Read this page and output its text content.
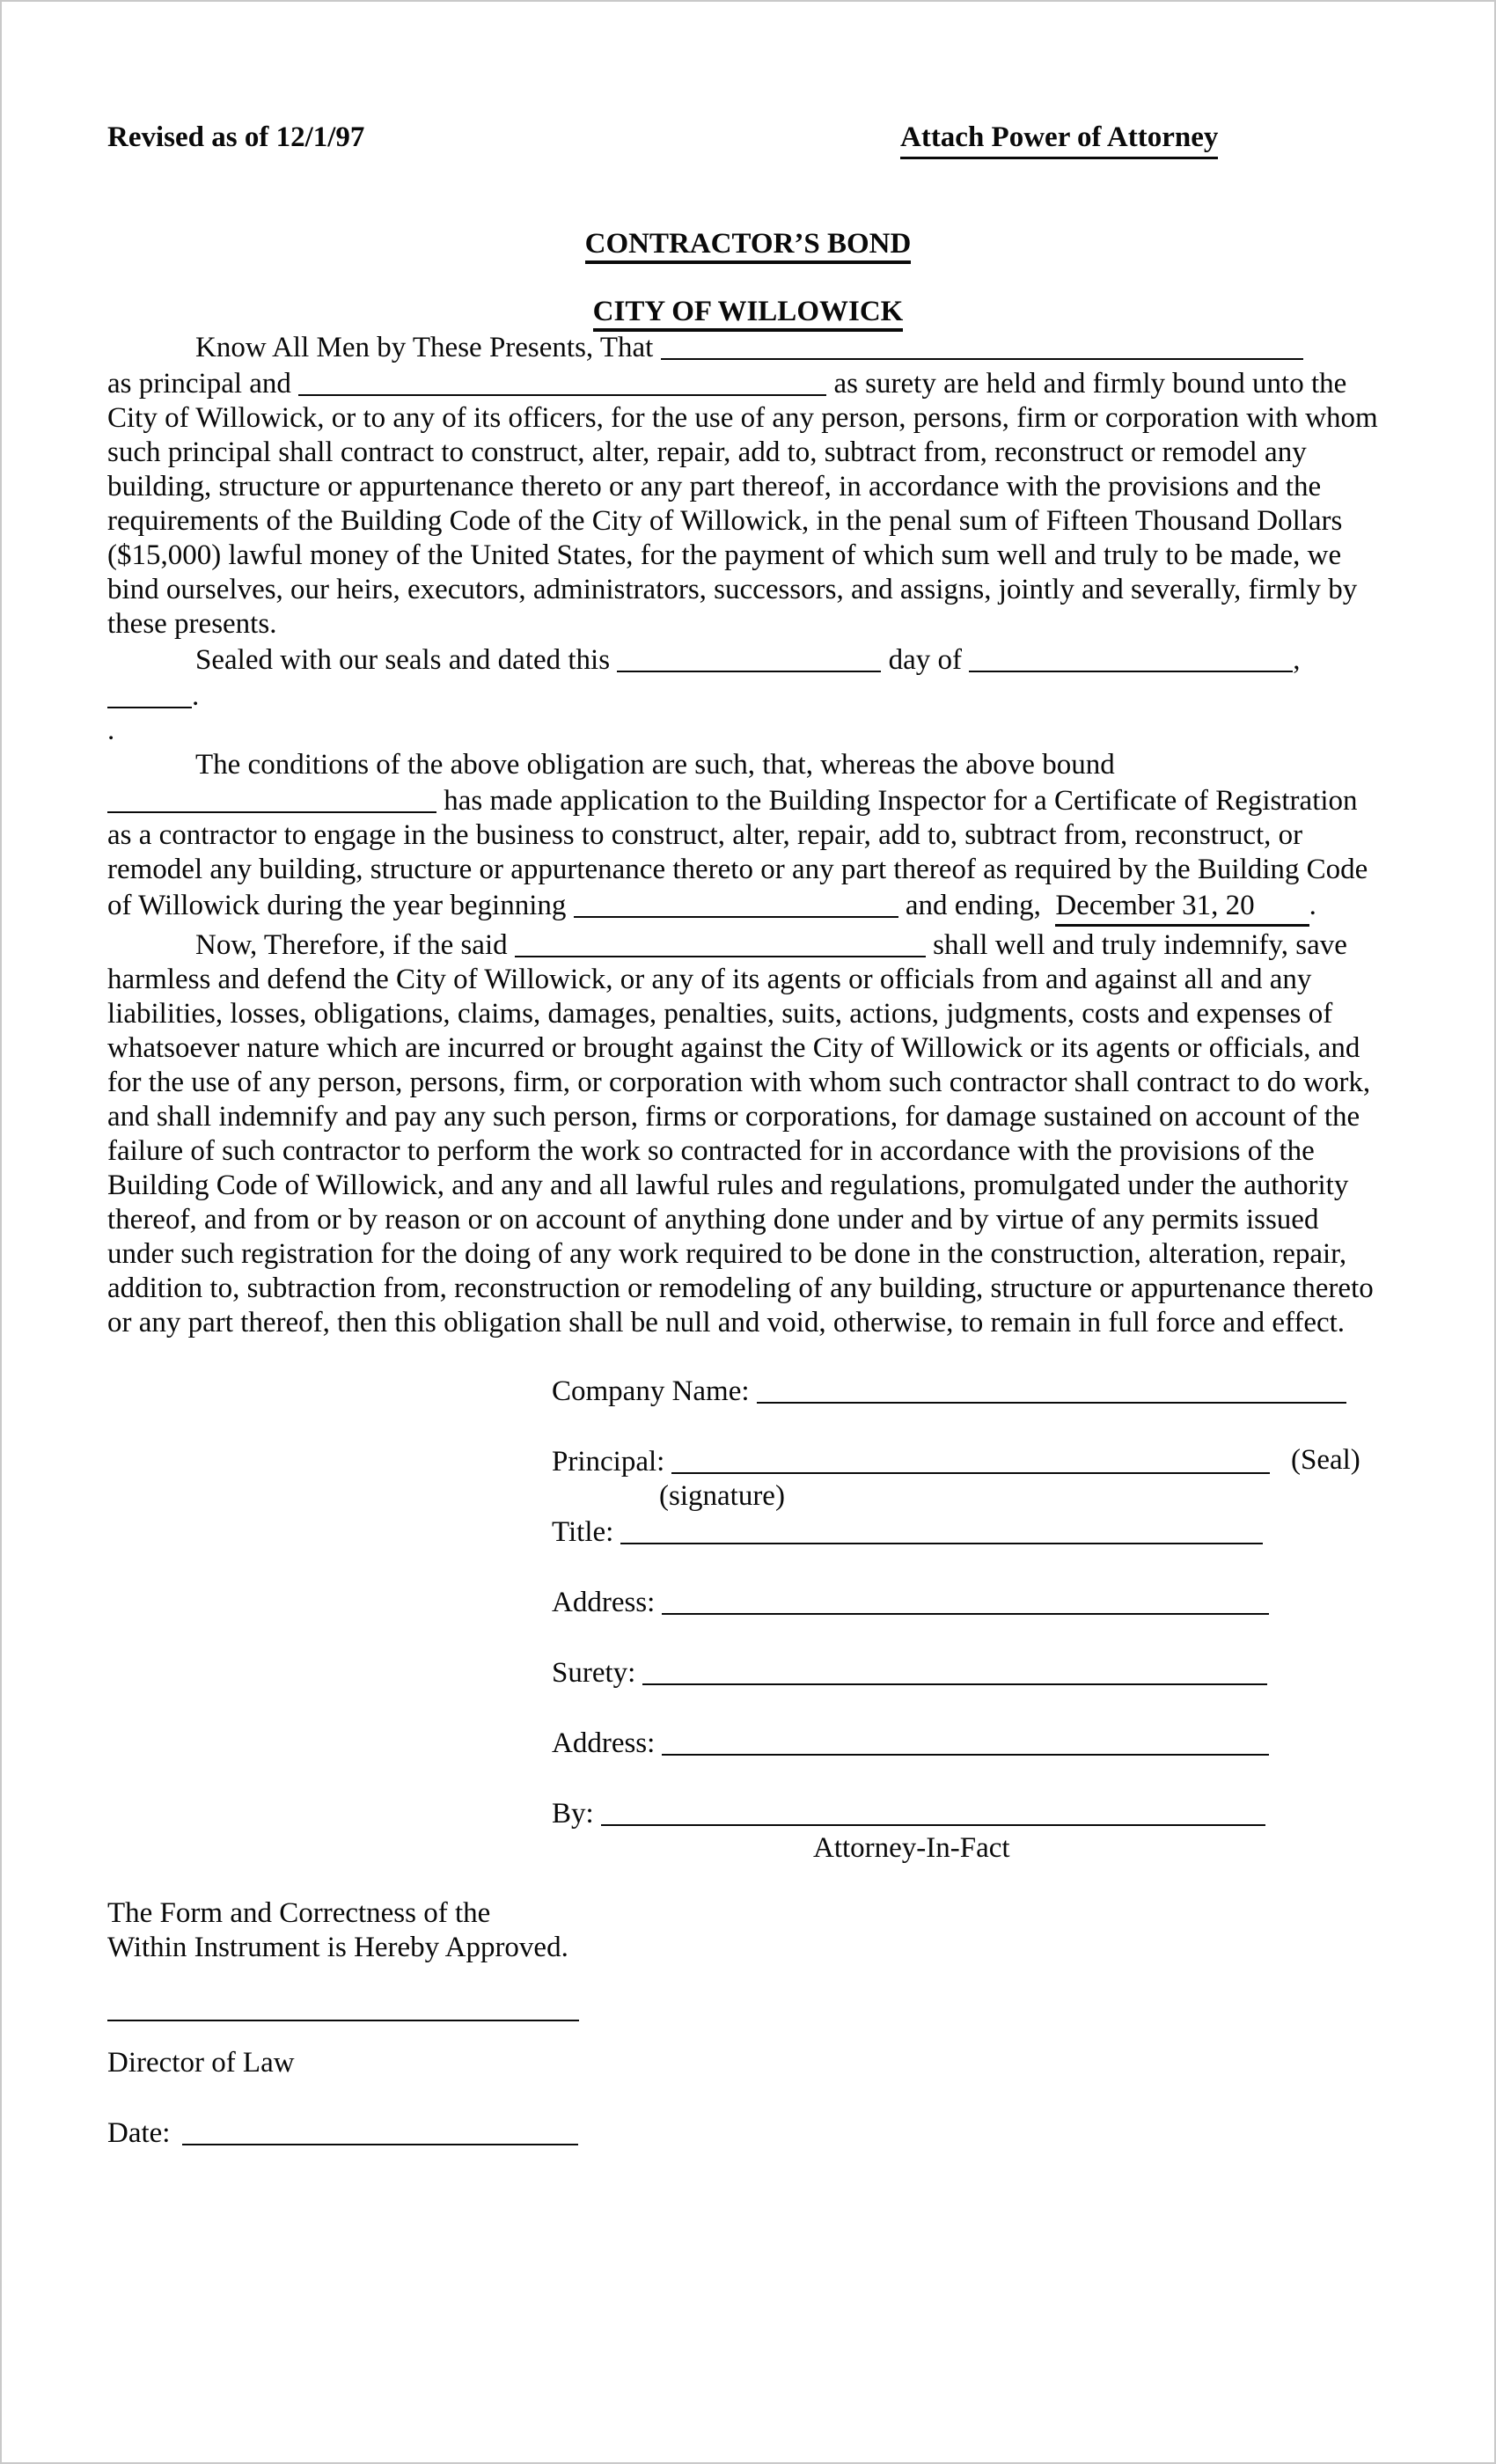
Revised as of 12/1/97	Attach Power of Attorney
CONTRACTOR’S BOND
CITY OF WILLOWICK

Know All Men by These Presents, That

as principal and	as surety are held and firmly bound unto the City of Willowick, or to any of its officers, for the use of any person, persons, firm or corporation with whom such principal shall contract to construct, alter, repair, add to, subtract from, reconstruct or remodel any building, structure or appurtenance thereto or any part thereof, in accordance with the provisions and the requirements of the Building Code of the City of Willowick, in the penal sum of Fifteen Thousand Dollars ($15,000) lawful money of the United States, for the payment of which sum well and truly to be made, we bind ourselves, our heirs, executors, administrators, successors, and assigns, jointly and severally, firmly by these presents.

Sealed with our seals and dated this	day of	,

.

.

The conditions of the above obligation are such, that, whereas the above bound

has made application to the Building Inspector for a Certificate of Registration as a contractor to engage in the business to construct, alter, repair, add to, subtract from, reconstruct, or remodel any building, structure or appurtenance thereto or any part thereof as required by the Building Code of Willowick during the year beginning	and ending,  December 31, 20 .

Now, Therefore, if the said	shall well and truly indemnify, save harmless and defend the City of Willowick, or any of its agents or officials from and against all and any liabilities, losses, obligations, claims, damages, penalties, suits, actions, judgments, costs and expenses of whatsoever nature which are incurred or brought against the City of Willowick or its agents or officials, and for the use of any person, persons, firm, or corporation with whom such contractor shall contract to do work, and shall indemnify and pay any such person, firms or corporations, for damage sustained on account of the failure of such contractor to perform the work so contracted for in accordance with the provisions of the Building Code of Willowick, and any and all lawful rules and regulations, promulgated under the authority thereof, and from or by reason or on account of anything done under and by virtue of any permits issued under such registration for the doing of any work required to be done in the construction, alteration, repair, addition to, subtraction from, reconstruction or remodeling of any building, structure or appurtenance thereto or any part thereof, then this obligation shall be null and void, otherwise, to remain in full force and effect.

Company Name:
Principal:	(Seal)
(signature)
Title:
Address:
Surety:
Address:
By:
Attorney-In-Fact

The Form and Correctness of the

Within Instrument is Hereby Approved.

Director of Law
Date:
